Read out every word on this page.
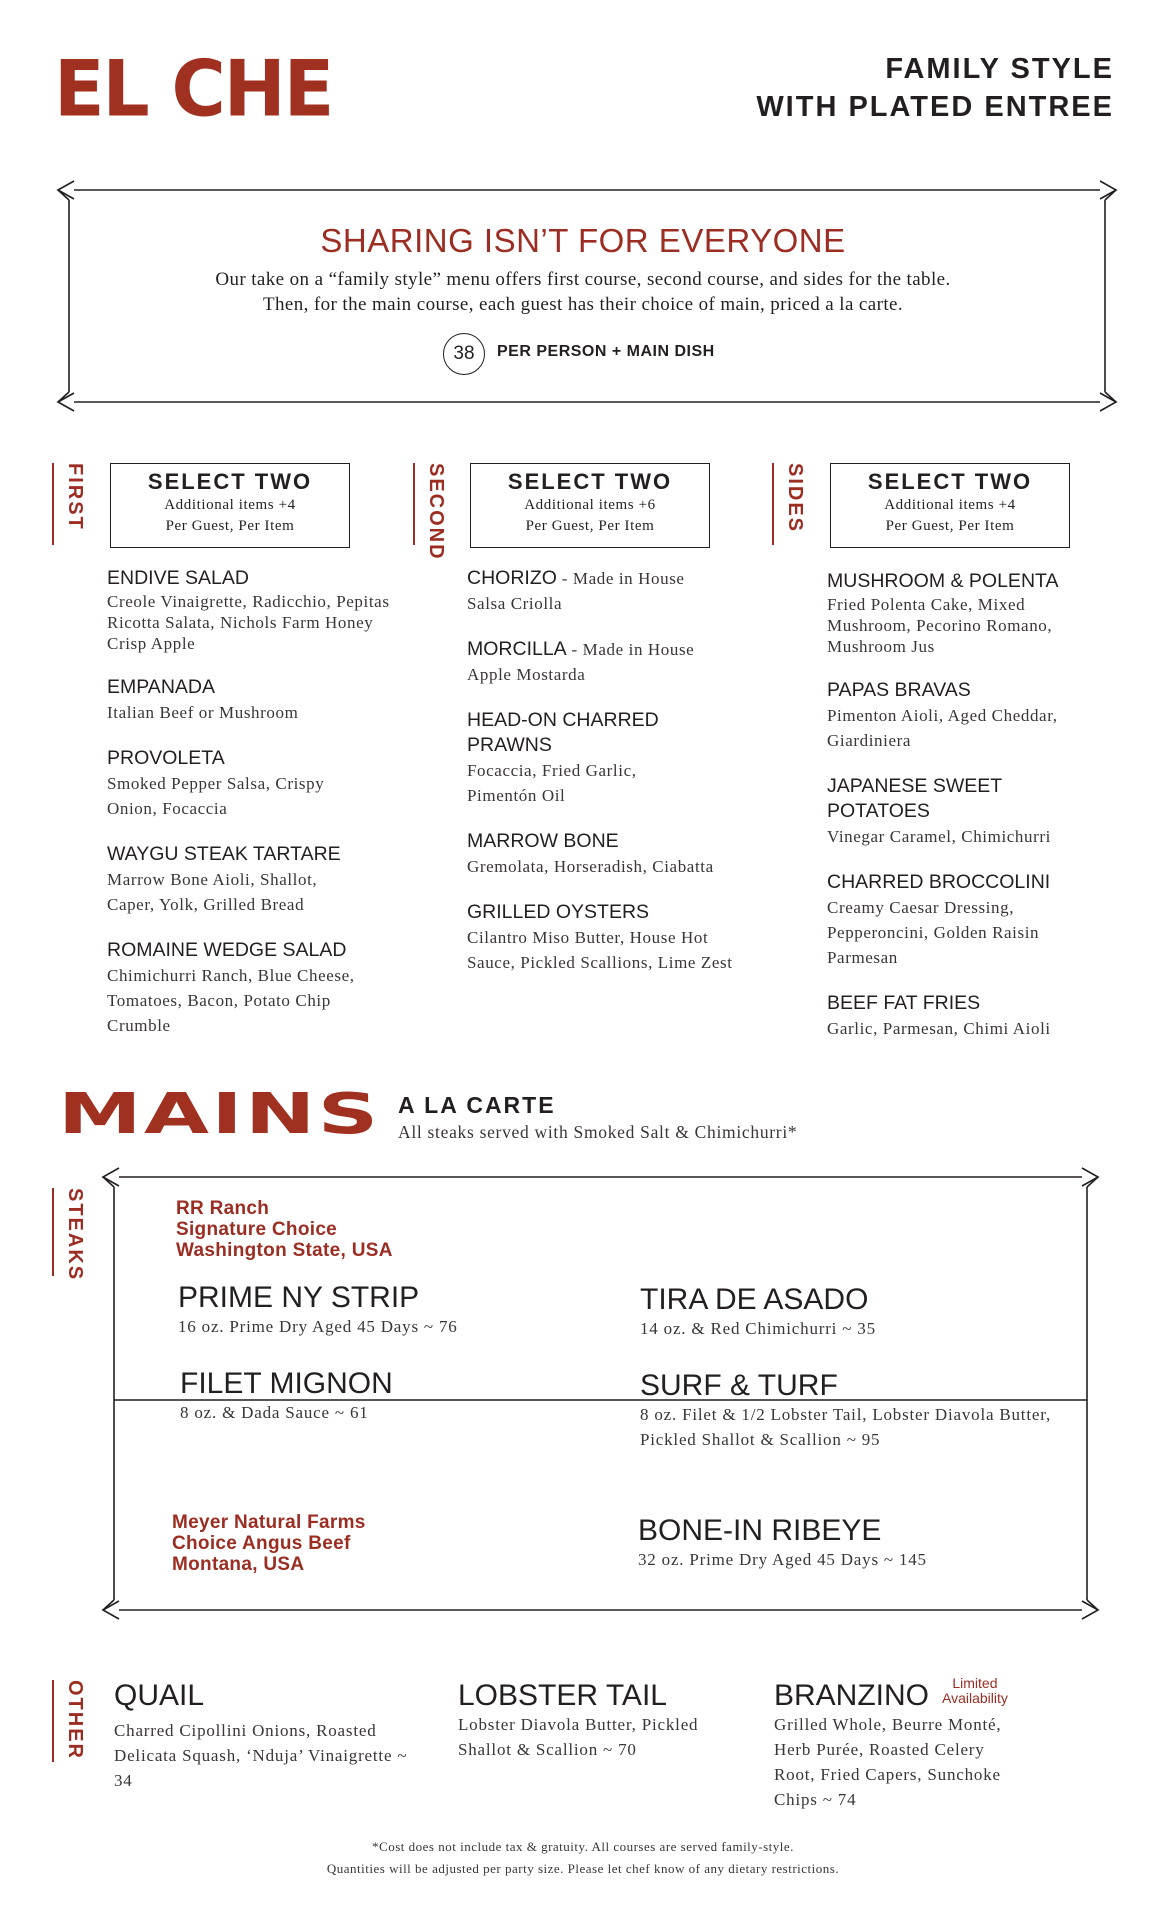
EL CHE	FAMILY STYLE
WITH PLATED ENTREE
SHARING ISN’T FOR EVERYONE
Our take on a “family style” menu offers first course, second course, and sides for the table.
Then, for the main course, each guest has their choice of main, priced a la carte.
38	PER PERSON + MAIN DISH
FIRST	SELECT TWO
Additional items +4
Per Guest, Per Item
ENDIVE SALAD
Creole Vinaigrette, Radicchio, Pepitas Ricotta Salata, Nichols Farm Honey Crisp Apple
EMPANADA
Italian Beef or Mushroom
PROVOLETA
Smoked Pepper Salsa, Crispy Onion, Focaccia
WAYGU STEAK TARTARE
Marrow Bone Aioli, Shallot, Caper, Yolk, Grilled Bread
ROMAINE WEDGE SALAD
Chimichurri Ranch, Blue Cheese, Tomatoes, Bacon, Potato Chip Crumble
SECOND	SELECT TWO
Additional items +6
Per Guest, Per Item
CHORIZO - Made in House
Salsa Criolla
MORCILLA - Made in House
Apple Mostarda
HEAD-ON CHARRED PRAWNS
Focaccia, Fried Garlic, Pimentón Oil
MARROW BONE
Gremolata, Horseradish, Ciabatta
GRILLED OYSTERS
Cilantro Miso Butter, House Hot Sauce, Pickled Scallions, Lime Zest
SIDES	SELECT TWO
Additional items +4
Per Guest, Per Item
MUSHROOM & POLENTA
Fried Polenta Cake, Mixed Mushroom, Pecorino Romano, Mushroom Jus
PAPAS BRAVAS
Pimenton Aioli, Aged Cheddar, Giardiniera
JAPANESE SWEET POTATOES
Vinegar Caramel, Chimichurri
CHARRED BROCCOLINI
Creamy Caesar Dressing, Pepperoncini, Golden Raisin Parmesan
BEEF FAT FRIES
Garlic, Parmesan, Chimi Aioli
MAINS A LA CARTE
All steaks served with Smoked Salt & Chimichurri*
STEAKS	RR Ranch
Signature Choice
Washington State, USA
PRIME NY STRIP
16 oz. Prime Dry Aged 45 Days ~ 76
TIRA DE ASADO
14 oz. & Red Chimichurri ~ 35
FILET MIGNON
8 oz. & Dada Sauce ~ 61
SURF & TURF
8 oz. Filet & 1/2 Lobster Tail, Lobster Diavola Butter, Pickled Shallot & Scallion ~ 95
Meyer Natural Farms
Choice Angus Beef
Montana, USA
BONE-IN RIBEYE
32 oz. Prime Dry Aged 45 Days ~ 145
OTHER QUAIL
Charred Cipollini Onions, Roasted Delicata Squash, ‘Nduja’ Vinaigrette ~ 34
LOBSTER TAIL
Lobster Diavola Butter, Pickled Shallot & Scallion ~ 70
BRANZINO
Grilled Whole, Beurre Monté, Herb Purée, Roasted Celery Root, Fried Capers, Sunchoke Chips ~ 74
Limited
Availability
*Cost does not include tax & gratuity. All courses are served family-style.
Quantities will be adjusted per party size. Please let chef know of any dietary restrictions.
